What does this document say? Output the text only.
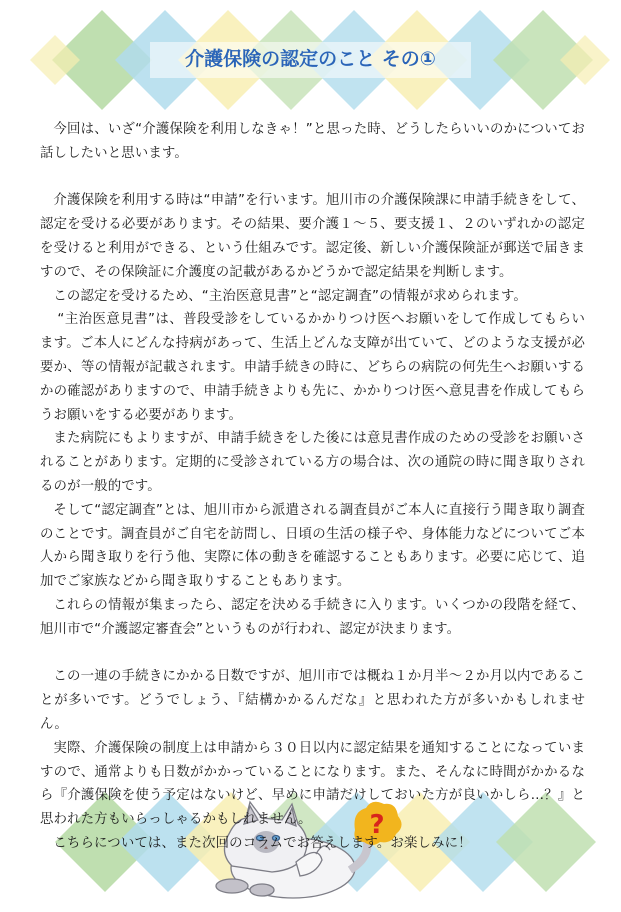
介護保険の認定のこと その①

今回は、いざ“介護保険を利用しなきゃ！”と思った時、どうしたらいいのかについてお話ししたいと思います。

介護保険を利用する時は“申請”を行います。旭川市の介護保険課に申請手続きをして、認定を受ける必要があります。その結果、要介護１～５、要支援１、２のいずれかの認定を受けると利用ができる、という仕組みです。認定後、新しい介護保険証が郵送で届きますので、その保険証に介護度の記載があるかどうかで認定結果を判断します。

この認定を受けるため、“主治医意見書”と“認定調査”の情報が求められます。

“主治医意見書”は、普段受診をしているかかりつけ医へお願いをして作成してもらいます。ご本人にどんな持病があって、生活上どんな支障が出ていて、どのような支援が必要か、等の情報が記載されます。申請手続きの時に、どちらの病院の何先生へお願いするかの確認がありますので、申請手続きよりも先に、かかりつけ医へ意見書を作成してもらうお願いをする必要があります。

また病院にもよりますが、申請手続きをした後には意見書作成のための受診をお願いされることがあります。定期的に受診されている方の場合は、次の通院の時に聞き取りされるのが一般的です。

そして“認定調査”とは、旭川市から派遣される調査員がご本人に直接行う聞き取り調査のことです。調査員がご自宅を訪問し、日頃の生活の様子や、身体能力などについてご本人から聞き取りを行う他、実際に体の動きを確認することもあります。必要に応じて、追加でご家族などから聞き取りすることもあります。

これらの情報が集まったら、認定を決める手続きに入ります。いくつかの段階を経て、旭川市で“介護認定審査会”というものが行われ、認定が決まります。

この一連の手続きにかかる日数ですが、旭川市では概ね１か月半～２か月以内であることが多いです。どうでしょう、『結構かかるんだな』と思われた方が多いかもしれません。

実際、介護保険の制度上は申請から３０日以内に認定結果を通知することになっていますので、通常よりも日数がかかっていることになります。また、そんなに時間がかかるなら『介護保険を使う予定はないけど、早めに申請だけしておいた方が良いかしら…？』と思われた方もいらっしゃるかもしれません。

こちらについては、また次回のコラムでお答えします。お楽しみに！

?
